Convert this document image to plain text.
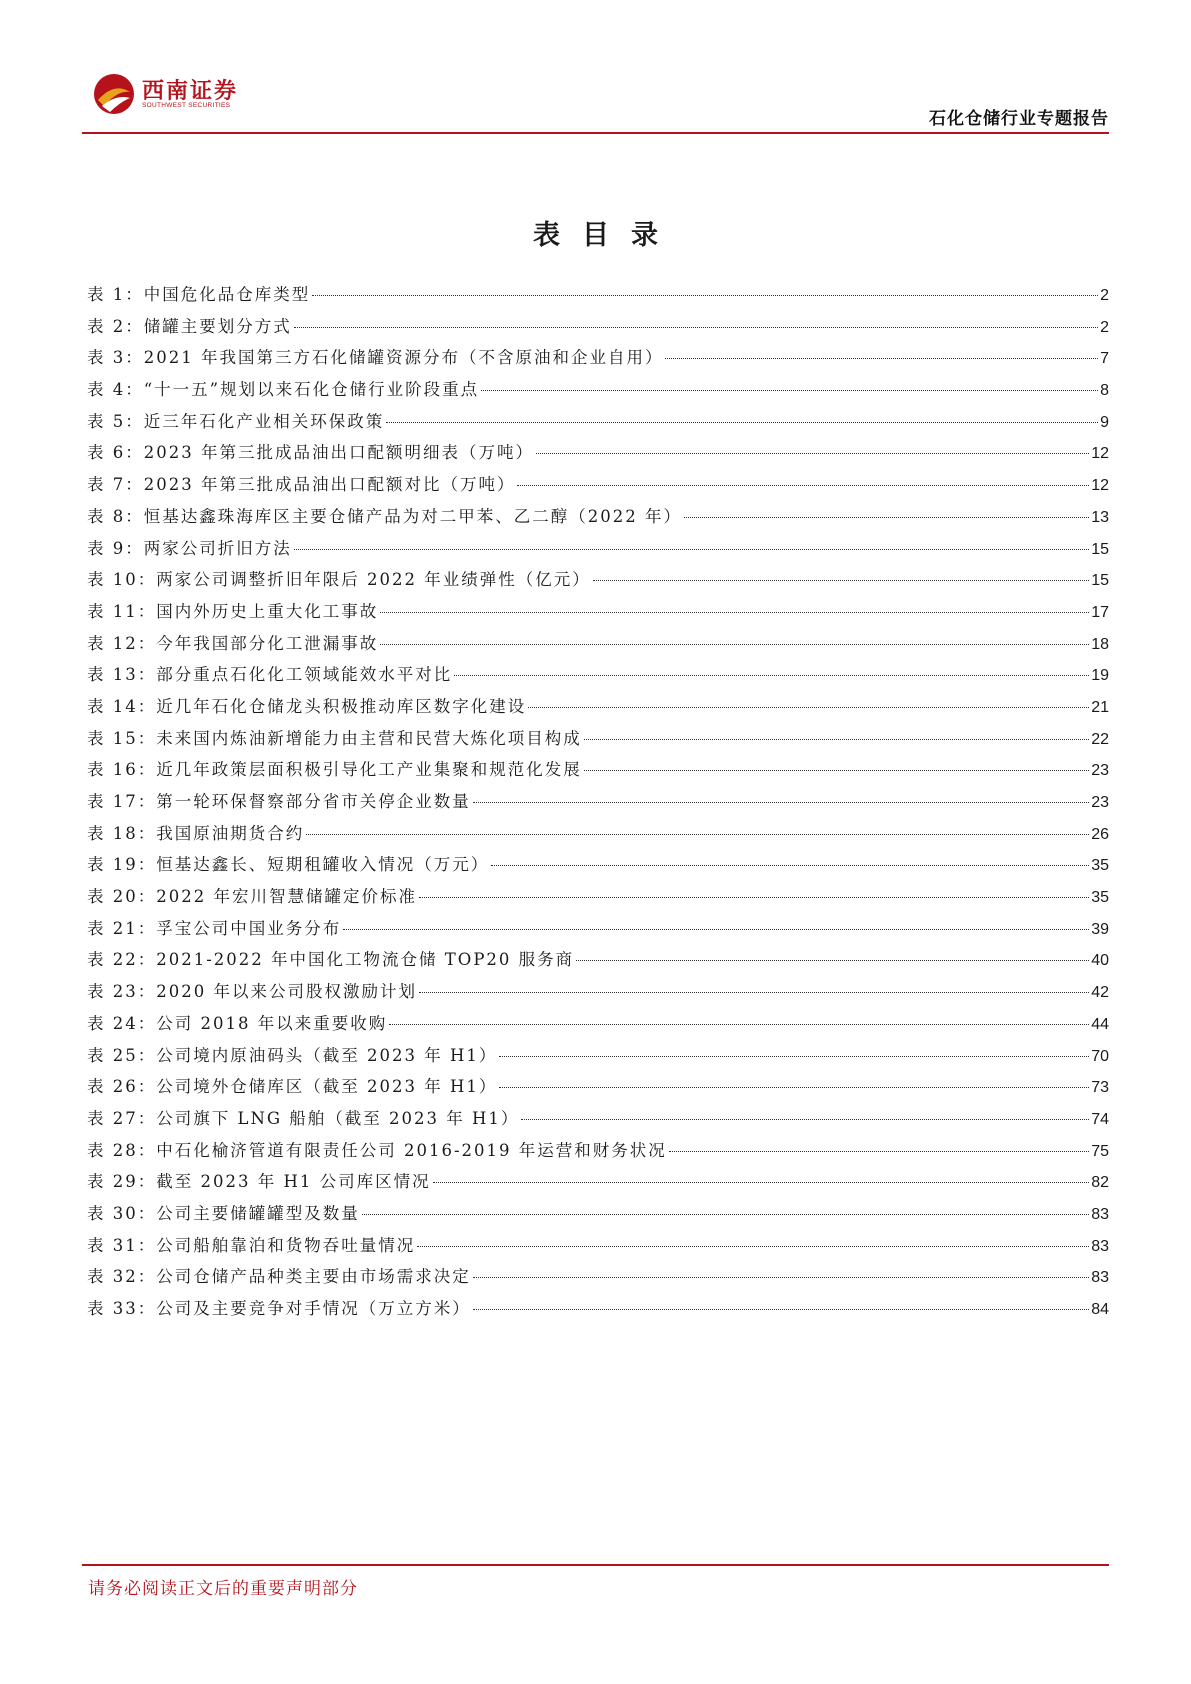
西南证券
SOUTHWEST SECURITIES
石化仓储行业专题报告
表目录
表 1：中国危化品仓库类型	2
表 2：储罐主要划分方式	2
表 3：2021 年我国第三方石化储罐资源分布（不含原油和企业自用）	7
表 4：“十一五”规划以来石化仓储行业阶段重点	8
表 5：近三年石化产业相关环保政策	9
表 6：2023 年第三批成品油出口配额明细表（万吨）	12
表 7：2023 年第三批成品油出口配额对比（万吨）	12
表 8：恒基达鑫珠海库区主要仓储产品为对二甲苯、乙二醇（2022 年）	13
表 9：两家公司折旧方法	15
表 10：两家公司调整折旧年限后 2022 年业绩弹性（亿元）	15
表 11：国内外历史上重大化工事故	17
表 12：今年我国部分化工泄漏事故	18
表 13：部分重点石化化工领域能效水平对比	19
表 14：近几年石化仓储龙头积极推动库区数字化建设	21
表 15：未来国内炼油新增能力由主营和民营大炼化项目构成	22
表 16：近几年政策层面积极引导化工产业集聚和规范化发展	23
表 17：第一轮环保督察部分省市关停企业数量	23
表 18：我国原油期货合约	26
表 19：恒基达鑫长、短期租罐收入情况（万元）	35
表 20：2022 年宏川智慧储罐定价标准	35
表 21：孚宝公司中国业务分布	39
表 22：2021-2022 年中国化工物流仓储 TOP20 服务商	40
表 23：2020 年以来公司股权激励计划	42
表 24：公司 2018 年以来重要收购	44
表 25：公司境内原油码头（截至 2023 年 H1）	70
表 26：公司境外仓储库区（截至 2023 年 H1）	73
表 27：公司旗下 LNG 船舶（截至 2023 年 H1）	74
表 28：中石化榆济管道有限责任公司 2016-2019 年运营和财务状况	75
表 29：截至 2023 年 H1 公司库区情况	82
表 30：公司主要储罐罐型及数量	83
表 31：公司船舶靠泊和货物吞吐量情况	83
表 32：公司仓储产品种类主要由市场需求决定	83
表 33：公司及主要竞争对手情况（万立方米）	84
请务必阅读正文后的重要声明部分
